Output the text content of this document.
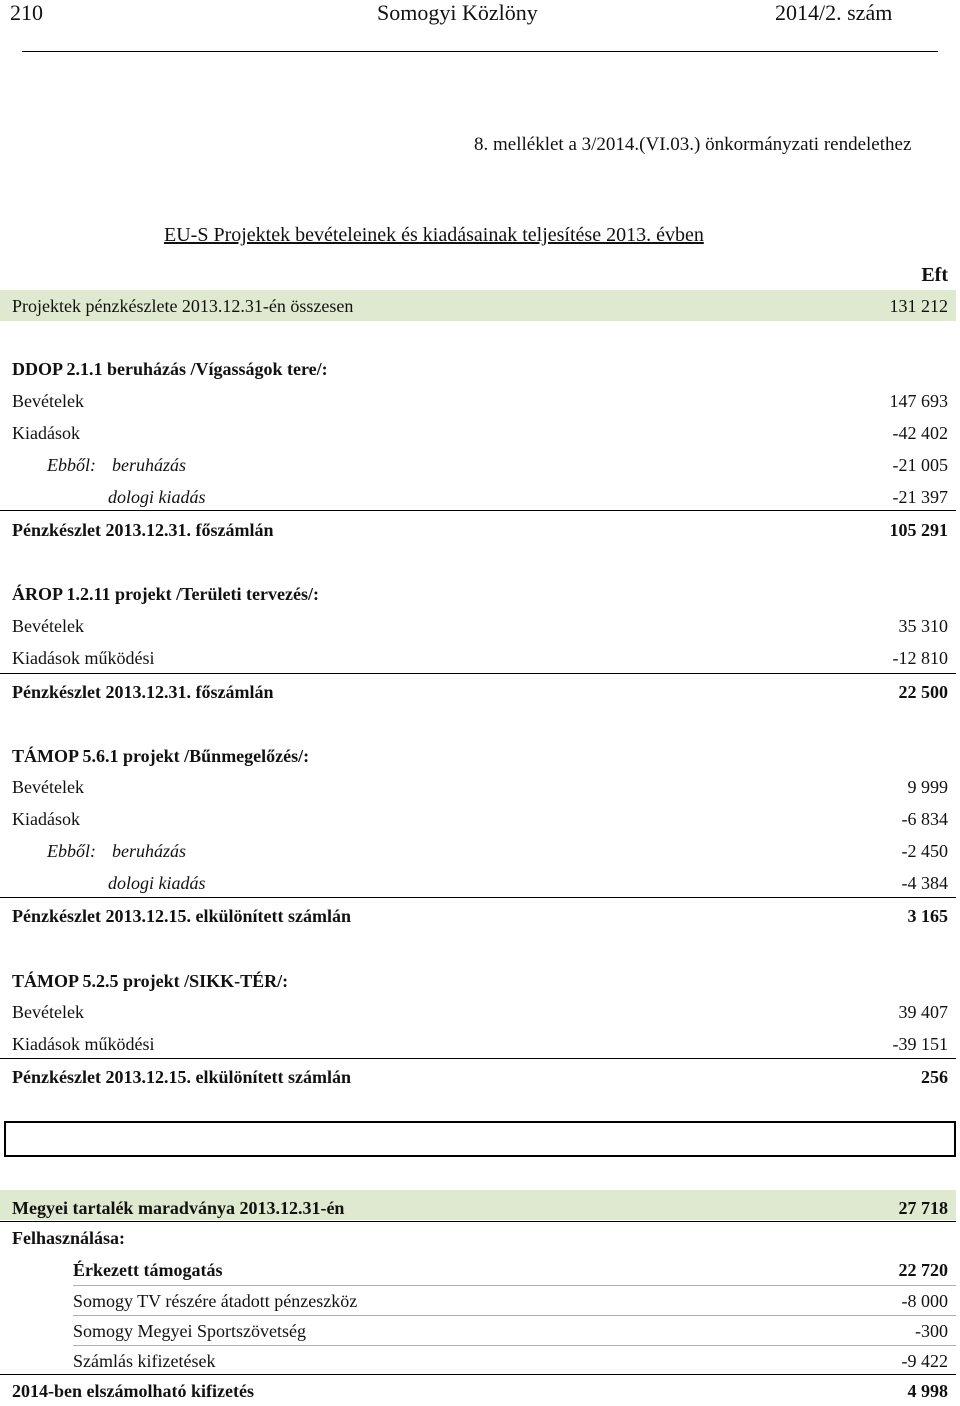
210	Somogyi Közlöny	2014/2. szám
8. melléklet a 3/2014.(VI.03.) önkormányzati rendelethez
EU-S Projektek bevételeinek és kiadásainak teljesítése 2013. évben
Eft
Projektek pénzkészlete 2013.12.31-én összesen	131 212
DDOP 2.1.1 beruházás /Vígasságok tere/:
Bevételek	147 693
Kiadások	-42 402
Ebből: beruházás	-21 005
dologi kiadás	-21 397
Pénzkészlet 2013.12.31. főszámlán	105 291
ÁROP 1.2.11 projekt /Területi tervezés/:
Bevételek	35 310
Kiadások működési	-12 810
Pénzkészlet 2013.12.31. főszámlán	22 500
TÁMOP 5.6.1 projekt /Bűnmegelőzés/:
Bevételek	9 999
Kiadások	-6 834
Ebből: beruházás	-2 450
dologi kiadás	-4 384
Pénzkészlet 2013.12.15. elkülönített számlán	3 165
TÁMOP 5.2.5 projekt /SIKK-TÉR/:
Bevételek	39 407
Kiadások működési	-39 151
Pénzkészlet 2013.12.15. elkülönített számlán	256
Megyei tartalék maradványa 2013.12.31-én	27 718
Felhasználása:
Érkezett támogatás	22 720
Somogy TV részére átadott pénzeszköz	-8 000
Somogy Megyei Sportszövetség	-300
Számlás kifizetések	-9 422
2014-ben elszámolható kifizetés	4 998
